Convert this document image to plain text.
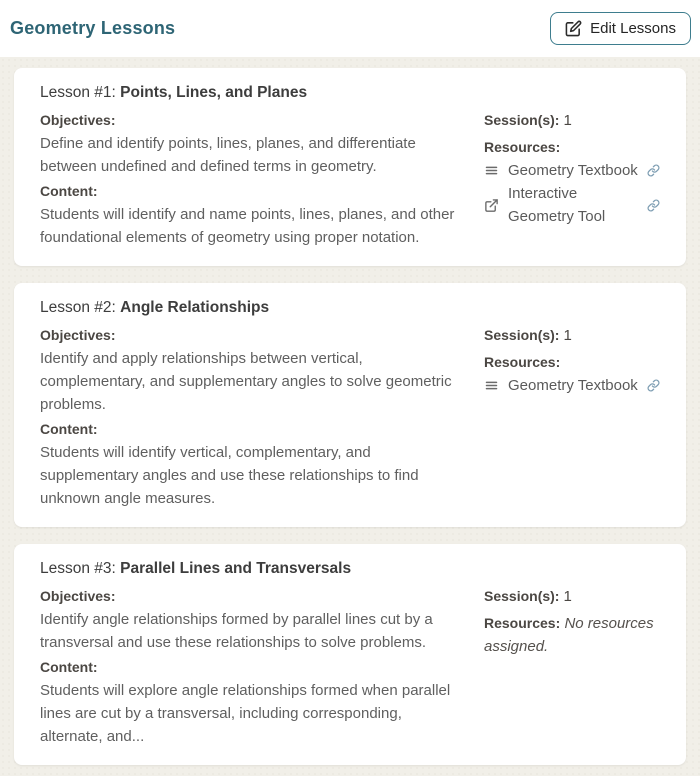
Geometry Lessons	Edit Lessons
Lesson #1: Points, Lines, and Planes
Objectives:
Define and identify points, lines, planes, and differentiate between undefined and defined terms in geometry.
Content:
Students will identify and name points, lines, planes, and other foundational elements of geometry using proper notation.
Session(s): 1
Resources:
Geometry Textbook
Interactive Geometry Tool
Lesson #2: Angle Relationships
Objectives:
Identify and apply relationships between vertical, complementary, and supplementary angles to solve geometric problems.
Content:
Students will identify vertical, complementary, and supplementary angles and use these relationships to find unknown angle measures.
Session(s): 1
Resources:
Geometry Textbook
Lesson #3: Parallel Lines and Transversals
Objectives:
Identify angle relationships formed by parallel lines cut by a transversal and use these relationships to solve problems.
Content:
Students will explore angle relationships formed when parallel lines are cut by a transversal, including corresponding, alternate, and...
Session(s): 1
Resources: No resources assigned.
